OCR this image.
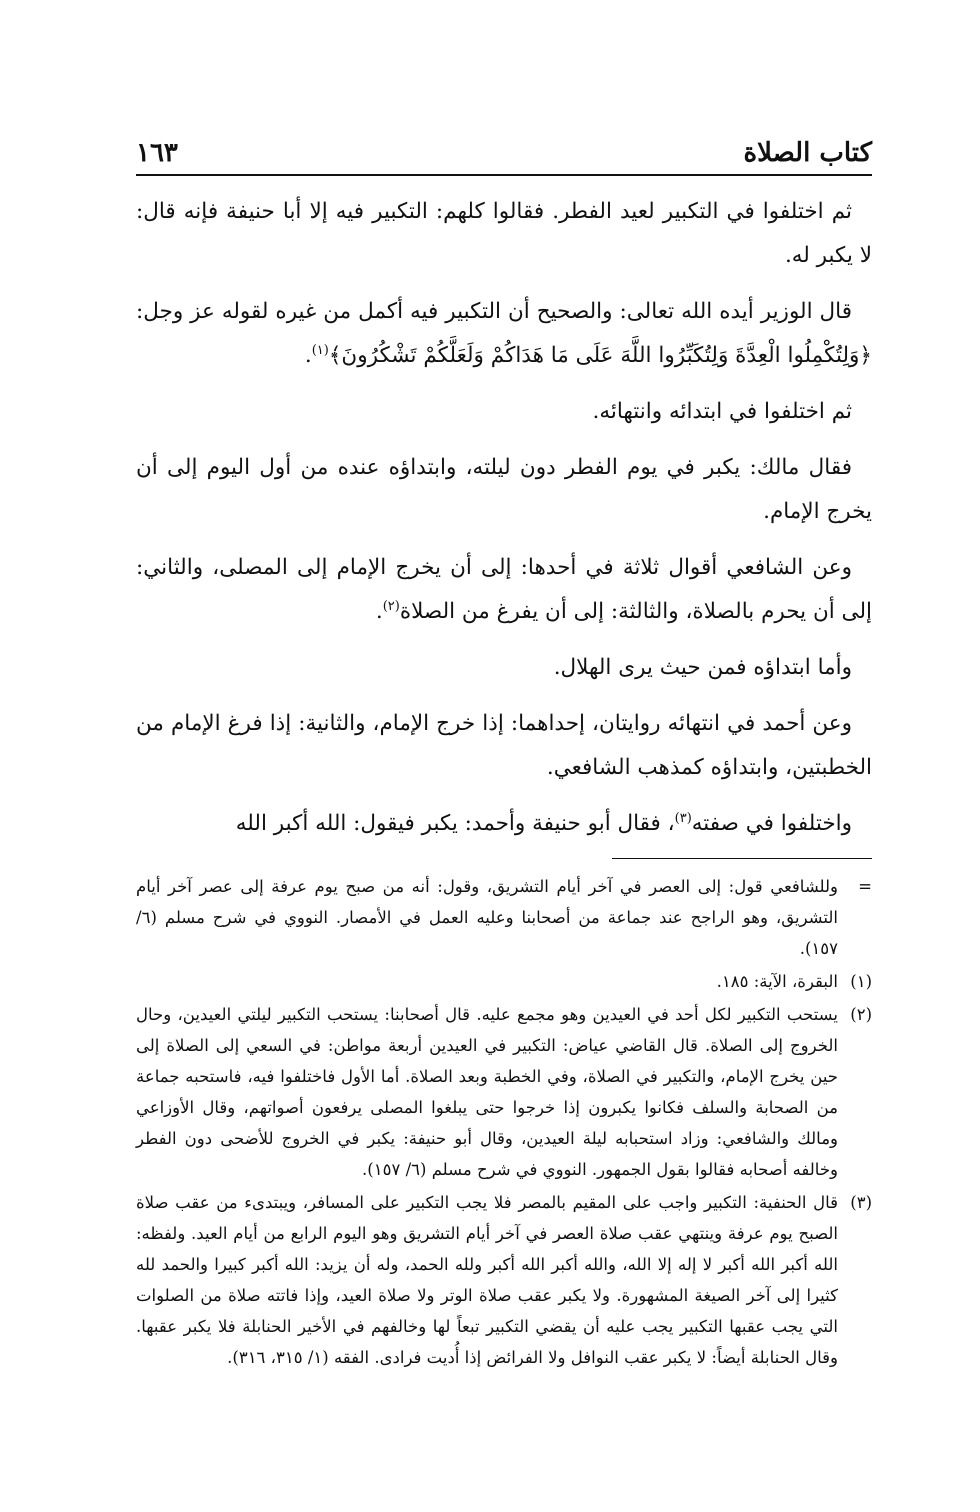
كتاب الصلاة
١٦٣

ثم اختلفوا في التكبير لعيد الفطر. فقالوا كلهم: التكبير فيه إلا أبا حنيفة فإنه قال: لا يكبر له.

قال الوزير أيده الله تعالى: والصحيح أن التكبير فيه أكمل من غيره لقوله عز وجل: ﴿وَلِتُكْمِلُوا الْعِدَّةَ وَلِتُكَبِّرُوا اللَّهَ عَلَى مَا هَدَاكُمْ وَلَعَلَّكُمْ تَشْكُرُونَ﴾$^{(١)}$.

ثم اختلفوا في ابتدائه وانتهائه.

فقال مالك: يكبر في يوم الفطر دون ليلته، وابتداؤه عنده من أول اليوم إلى أن يخرج الإمام.

وعن الشافعي أقوال ثلاثة في أحدها: إلى أن يخرج الإمام إلى المصلى، والثاني: إلى أن يحرم بالصلاة، والثالثة: إلى أن يفرغ من الصلاة$^{(٢)}$.

وأما ابتداؤه فمن حيث يرى الهلال.

وعن أحمد في انتهائه روايتان، إحداهما: إذا خرج الإمام، والثانية: إذا فرغ الإمام من الخطبتين، وابتداؤه كمذهب الشافعي.

واختلفوا في صفته$^{(٣)}$، فقال أبو حنيفة وأحمد: يكبر فيقول: الله أكبر الله

=
وللشافعي قول: إلى العصر في آخر أيام التشريق، وقول: أنه من صبح يوم عرفة إلى عصر آخر أيام التشريق، وهو الراجح عند جماعة من أصحابنا وعليه العمل في الأمصار. النووي في شرح مسلم (٦/ ١٥٧).
(١)
البقرة، الآية: ١٨٥.
(٢)
يستحب التكبير لكل أحد في العيدين وهو مجمع عليه. قال أصحابنا: يستحب التكبير ليلتي العيدين، وحال الخروج إلى الصلاة. قال القاضي عياض: التكبير في العيدين أربعة مواطن: في السعي إلى الصلاة إلى حين يخرج الإمام، والتكبير في الصلاة، وفي الخطبة وبعد الصلاة. أما الأول فاختلفوا فيه، فاستحبه جماعة من الصحابة والسلف فكانوا يكبرون إذا خرجوا حتى يبلغوا المصلى يرفعون أصواتهم، وقال الأوزاعي ومالك والشافعي: وزاد استحبابه ليلة العيدين، وقال أبو حنيفة: يكبر في الخروج للأضحى دون الفطر وخالفه أصحابه فقالوا بقول الجمهور. النووي في شرح مسلم (٦/ ١٥٧).
(٣)
قال الحنفية: التكبير واجب على المقيم بالمصر فلا يجب التكبير على المسافر، ويبتدىء من عقب صلاة الصبح يوم عرفة وينتهي عقب صلاة العصر في آخر أيام التشريق وهو اليوم الرابع من أيام العيد. ولفظه: الله أكبر الله أكبر لا إله إلا الله، والله أكبر الله أكبر ولله الحمد، وله أن يزيد: الله أكبر كبيرا والحمد لله كثيرا إلى آخر الصيغة المشهورة. ولا يكبر عقب صلاة الوتر ولا صلاة العيد، وإذا فاتته صلاة من الصلوات التي يجب عقبها التكبير يجب عليه أن يقضي التكبير تبعاً لها وخالفهم في الأخير الحنابلة فلا يكبر عقبها. وقال الحنابلة أيضاً: لا يكبر عقب النوافل ولا الفرائض إذا أُديت فرادى. الفقه (١/ ٣١٥، ٣١٦).
